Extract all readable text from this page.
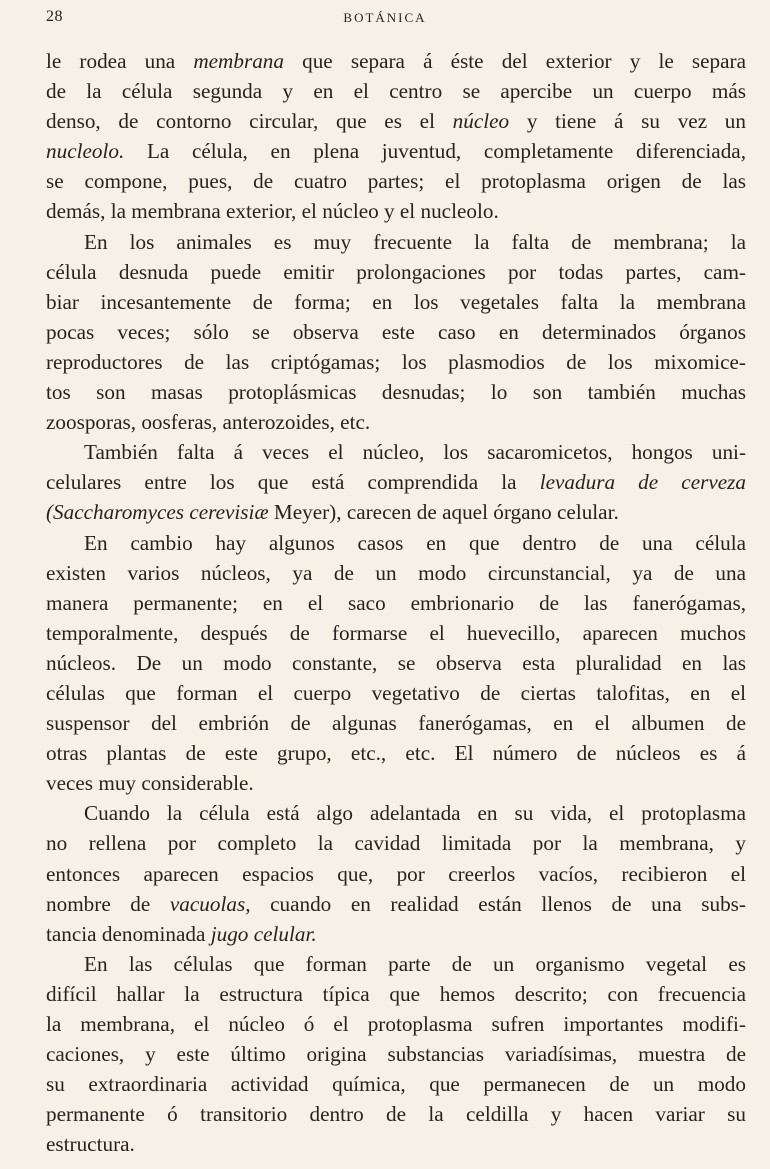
28	BOTÁNICA

le rodea una membrana que separa á éste del exterior y le separa
de la célula segunda y en el centro se apercibe un cuerpo más
denso, de contorno circular, que es el núcleo y tiene á su vez un
nucleolo. La célula, en plena juventud, completamente diferenciada,
se compone, pues, de cuatro partes; el protoplasma origen de las
demás, la membrana exterior, el núcleo y el nucleolo.

En los animales es muy frecuente la falta de membrana; la
célula desnuda puede emitir prolongaciones por todas partes, cam-
biar incesantemente de forma; en los vegetales falta la membrana
pocas veces; sólo se observa este caso en determinados órganos
reproductores de las criptógamas; los plasmodios de los mixomice-
tos son masas protoplásmicas desnudas; lo son también muchas
zoosporas, oosferas, anterozoides, etc.

También falta á veces el núcleo, los sacaromicetos, hongos uni-
celulares entre los que está comprendida la levadura de cerveza
(Saccharomyces cerevisiæ Meyer), carecen de aquel órgano celular.

En cambio hay algunos casos en que dentro de una célula
existen varios núcleos, ya de un modo circunstancial, ya de una
manera permanente; en el saco embrionario de las fanerógamas,
temporalmente, después de formarse el huevecillo, aparecen muchos
núcleos. De un modo constante, se observa esta pluralidad en las
células que forman el cuerpo vegetativo de ciertas talofitas, en el
suspensor del embrión de algunas fanerógamas, en el albumen de
otras plantas de este grupo, etc., etc. El número de núcleos es á
veces muy considerable.

Cuando la célula está algo adelantada en su vida, el protoplasma
no rellena por completo la cavidad limitada por la membrana, y
entonces aparecen espacios que, por creerlos vacíos, recibieron el
nombre de vacuolas, cuando en realidad están llenos de una subs-
tancia denominada jugo celular.

En las células que forman parte de un organismo vegetal es
difícil hallar la estructura típica que hemos descrito; con frecuencia
la membrana, el núcleo ó el protoplasma sufren importantes modifi-
caciones, y este último origina substancias variadísimas, muestra de
su extraordinaria actividad química, que permanecen de un modo
permanente ó transitorio dentro de la celdilla y hacen variar su
estructura.
